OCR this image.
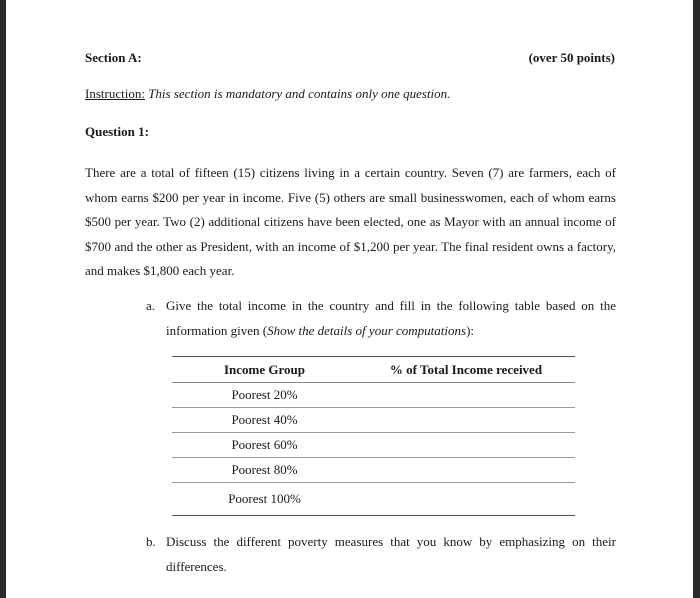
Section A:	(over 50 points)
Instruction: This section is mandatory and contains only one question.
Question 1:
There are a total of fifteen (15) citizens living in a certain country. Seven (7) are farmers, each of whom earns $200 per year in income. Five (5) others are small businesswomen, each of whom earns $500 per year. Two (2) additional citizens have been elected, one as Mayor with an annual income of $700 and the other as President, with an income of $1,200 per year. The final resident owns a factory, and makes $1,800 each year.
a. Give the total income in the country and fill in the following table based on the information given (Show the details of your computations):
Income Group	% of Total Income received
Poorest 20%	
Poorest 40%	
Poorest 60%	
Poorest 80%	
Poorest 100%	
b. Discuss the different poverty measures that you know by emphasizing on their differences.
